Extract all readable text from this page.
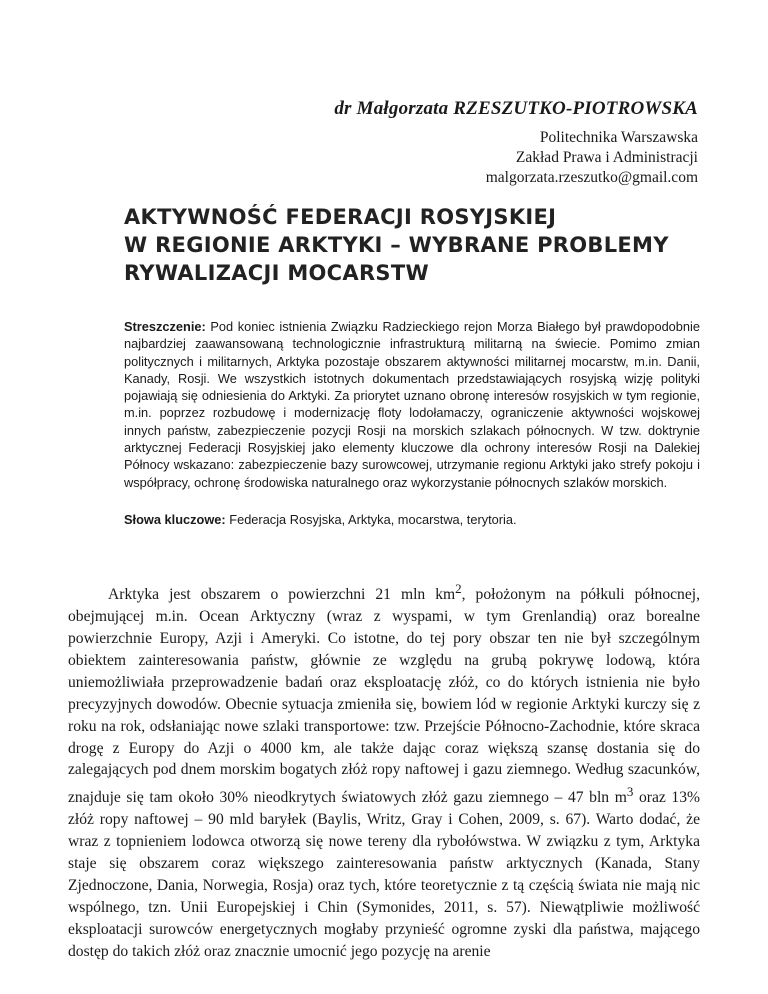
dr Małgorzata RZESZUTKO-PIOTROWSKA
Politechnika Warszawska
Zakład Prawa i Administracji
malgorzata.rzeszutko@gmail.com
AKTYWNOŚĆ FEDERACJI ROSYJSKIEJ
W REGIONIE ARKTYKI – WYBRANE PROBLEMY
RYWALIZACJI MOCARSTW

Streszczenie: Pod koniec istnienia Związku Radzieckiego rejon Morza Białego był prawdopodobnie najbardziej zaawansowaną technologicznie infrastrukturą militarną na świecie. Pomimo zmian politycznych i militarnych, Arktyka pozostaje obszarem aktywności militarnej mocarstw, m.in. Danii, Kanady, Rosji. We wszystkich istotnych dokumentach przedstawiających rosyjską wizję polityki pojawiają się odniesienia do Arktyki. Za priorytet uznano obronę interesów rosyjskich w tym regionie, m.in. poprzez rozbudowę i modernizację floty lodołamaczy, ograniczenie aktywności wojskowej innych państw, zabezpieczenie pozycji Rosji na morskich szlakach północnych. W tzw. doktrynie arktycznej Federacji Rosyjskiej jako elementy kluczowe dla ochrony interesów Rosji na Dalekiej Północy wskazano: zabezpieczenie bazy surowcowej, utrzymanie regionu Arktyki jako strefy pokoju i współpracy, ochronę środowiska naturalnego oraz wykorzystanie północnych szlaków morskich.

Słowa kluczowe: Federacja Rosyjska, Arktyka, mocarstwa, terytoria.

Arktyka jest obszarem o powierzchni 21 mln $km^2$, położonym na półkuli północnej, obejmującej m.in. Ocean Arktyczny (wraz z wyspami, w tym Grenlandią) oraz borealne powierzchnie Europy, Azji i Ameryki. Co istotne, do tej pory obszar ten nie był szczególnym obiektem zainteresowania państw, głównie ze względu na grubą pokrywę lodową, która uniemożliwiała przeprowadzenie badań oraz eksploatację złóż, co do których istnienia nie było precyzyjnych dowodów. Obecnie sytuacja zmieniła się, bowiem lód w regionie Arktyki kurczy się z roku na rok, odsłaniając nowe szlaki transportowe: tzw. Przejście Północno-Zachodnie, które skraca drogę z Europy do Azji o 4000 km, ale także dając coraz większą szansę dostania się do zalegających pod dnem morskim bogatych złóż ropy naftowej i gazu ziemnego. Według szacunków, znajduje się tam około 30% nieodkrytych światowych złóż gazu ziemnego – 47 bln $m^3$ oraz 13% złóż ropy naftowej – 90 mld baryłek (Baylis, Writz, Gray i Cohen, 2009, s. 67). Warto dodać, że wraz z topnieniem lodowca otworzą się nowe tereny dla rybołówstwa. W związku z tym, Arktyka staje się obszarem coraz większego zainteresowania państw arktycznych (Kanada, Stany Zjednoczone, Dania, Norwegia, Rosja) oraz tych, które teoretycznie z tą częścią świata nie mają nic wspólnego, tzn. Unii Europejskiej i Chin (Symonides, 2011, s. 57). Niewątpliwie możliwość eksploatacji surowców energetycznych mogłaby przynieść ogromne zyski dla państwa, mającego dostęp do takich złóż oraz znacznie umocnić jego pozycję na arenie
